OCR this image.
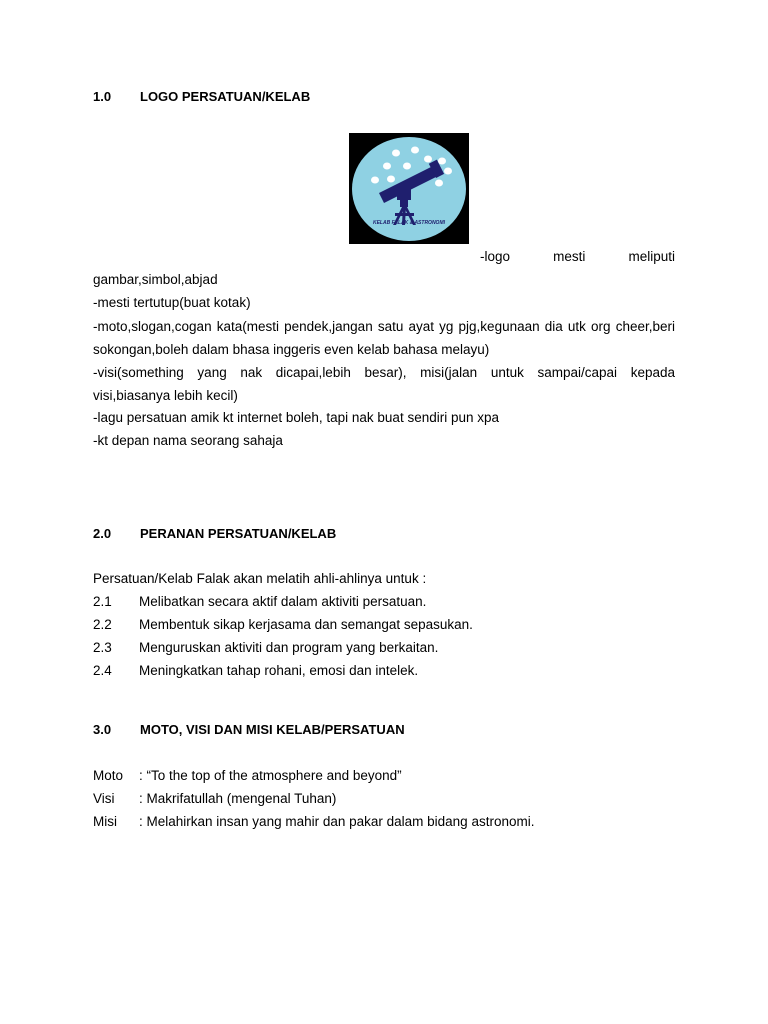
1.0	LOGO PERSATUAN/KELAB
KELAB FALAK & ASTRONOMI
-logo	mesti	meliputi
gambar,simbol,abjad
-mesti tertutup(buat kotak)
-moto,slogan,cogan kata(mesti pendek,jangan satu ayat yg pjg,kegunaan dia utk org cheer,beri sokongan,boleh dalam bhasa inggeris even kelab bahasa melayu)
-visi(something yang nak dicapai,lebih besar), misi(jalan untuk sampai/capai kepada visi,biasanya lebih kecil)
-lagu persatuan amik kt internet boleh, tapi nak buat sendiri pun xpa
-kt depan nama seorang sahaja
2.0	PERANAN PERSATUAN/KELAB
Persatuan/Kelab Falak akan melatih ahli-ahlinya untuk :
2.1	Melibatkan secara aktif dalam aktiviti persatuan.
2.2	Membentuk sikap kerjasama dan semangat sepasukan.
2.3	Menguruskan aktiviti dan program yang berkaitan.
2.4	Meningkatkan tahap rohani, emosi dan intelek.
3.0	MOTO, VISI DAN MISI KELAB/PERSATUAN
Moto	: “To the top of the atmosphere and beyond”
Visi	: Makrifatullah (mengenal Tuhan)
Misi	: Melahirkan insan yang mahir dan pakar dalam bidang astronomi.
